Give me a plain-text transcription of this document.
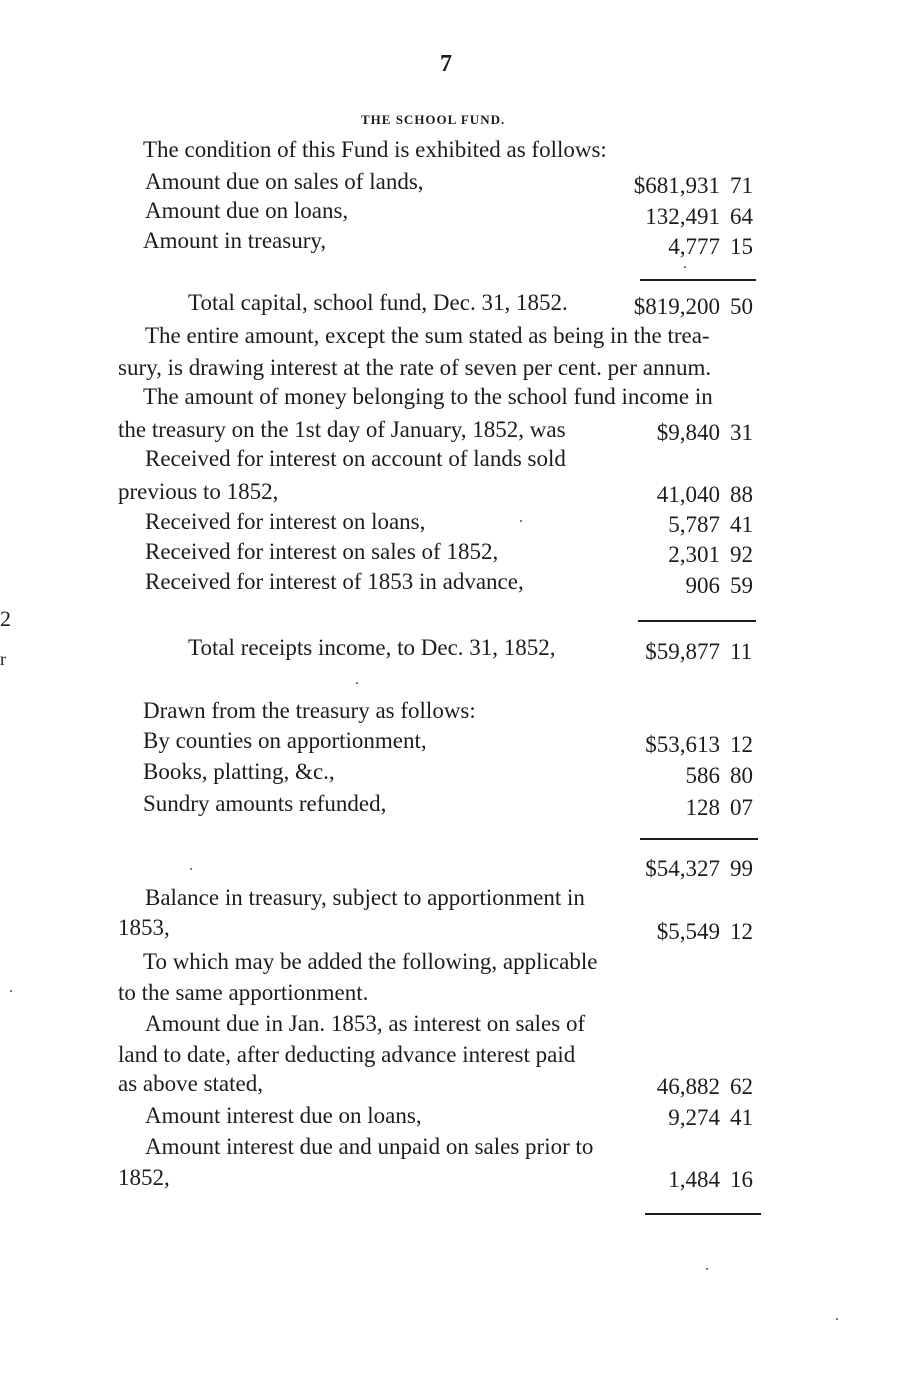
7
THE SCHOOL FUND.
The condition of this Fund is exhibited as follows:
Amount due on sales of lands,	$681,931 71
Amount due on loans,	132,491 64
Amount in treasury,	4,777 15
Total capital, school fund, Dec. 31, 1852.	$819,200 50
The entire amount, except the sum stated as being in the trea-
sury, is drawing interest at the rate of seven per cent. per annum.
The amount of money belonging to the school fund income in
the treasury on the 1st day of January, 1852, was	$9,840 31
Received for interest on account of lands sold
previous to 1852,	41,040 88
Received for interest on loans,	5,787 41
Received for interest on sales of 1852,	2,301 92
Received for interest of 1853 in advance,	906 59
Total receipts income, to Dec. 31, 1852,	$59,877 11
Drawn from the treasury as follows:
By counties on apportionment,	$53,613 12
Books, platting, &c.,	586 80
Sundry amounts refunded,	128 07
$54,327 99
Balance in treasury, subject to apportionment in
1853,	$5,549 12
To which may be added the following, applicable
to the same apportionment.
Amount due in Jan. 1853, as interest on sales of
land to date, after deducting advance interest paid
as above stated,	46,882 62
Amount interest due on loans,	9,274 41
Amount interest due and unpaid on sales prior to
1852,	1,484 16
2
r
